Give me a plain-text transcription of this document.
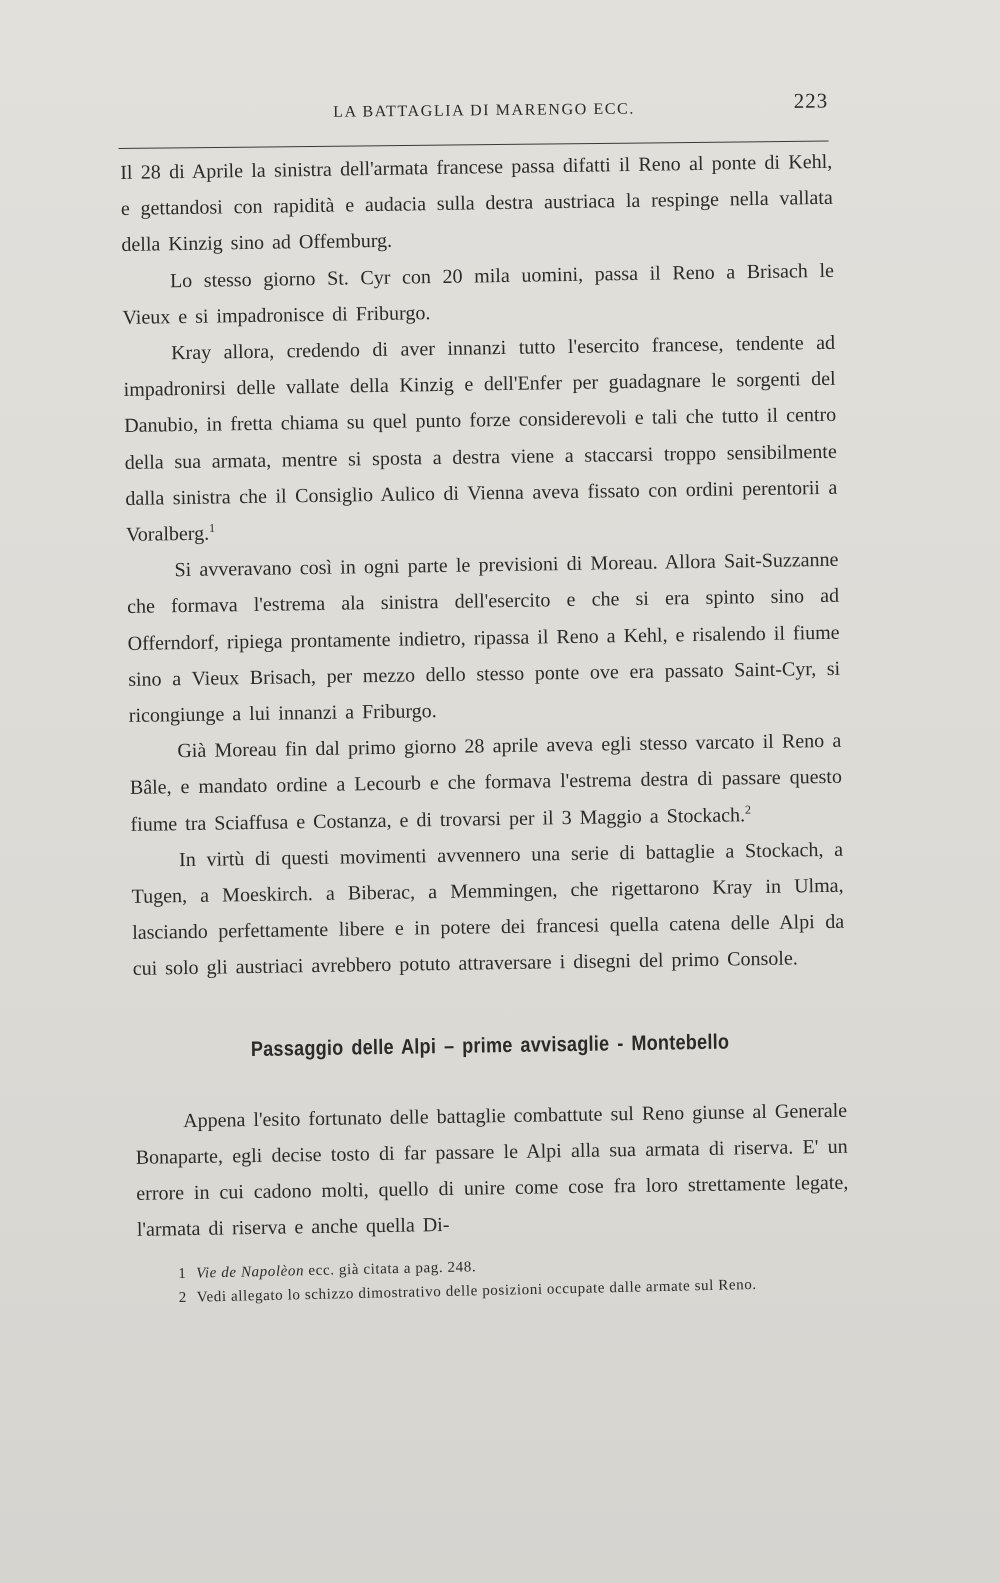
LA BATTAGLIA DI MARENGO ECC.	223

Il 28 di Aprile la sinistra dell'armata francese passa difatti il Reno al ponte di Kehl, e gettandosi con rapidità e audacia sulla destra austriaca la respinge nella vallata della Kinzig sino ad Offemburg.

Lo stesso giorno St. Cyr con 20 mila uomini, passa il Reno a Brisach le Vieux e si impadronisce di Friburgo.

Kray allora, credendo di aver innanzi tutto l'esercito francese, tendente ad impadronirsi delle vallate della Kinzig e dell'Enfer per guadagnare le sorgenti del Danubio, in fretta chiama su quel punto forze considerevoli e tali che tutto il centro della sua armata, mentre si sposta a destra viene a staccarsi troppo sensibilmente dalla sinistra che il Consiglio Aulico di Vienna aveva fissato con ordini perentorii a Voralberg.$^1$

Si avveravano così in ogni parte le previsioni di Moreau. Allora Sait-Suzzanne che formava l'estrema ala sinistra dell'esercito e che si era spinto sino ad Offerndorf, ripiega prontamente indietro, ripassa il Reno a Kehl, e risalendo il fiume sino a Vieux Brisach, per mezzo dello stesso ponte ove era passato Saint-Cyr, si ricongiunge a lui innanzi a Friburgo.

Già Moreau fin dal primo giorno 28 aprile aveva egli stesso varcato il Reno a Bâle, e mandato ordine a Lecourb e che formava l'estrema destra di passare questo fiume tra Sciaffusa e Costanza, e di trovarsi per il 3 Maggio a Stockach.$^2$

In virtù di questi movimenti avvennero una serie di battaglie a Stockach, a Tugen, a Moeskirch. a Biberac, a Memmingen, che rigettarono Kray in Ulma, lasciando perfettamente libere e in potere dei francesi quella catena delle Alpi da cui solo gli austriaci avrebbero potuto attraversare i disegni del primo Console.

Passaggio delle Alpi – prime avvisaglie - Montebello

Appena l'esito fortunato delle battaglie combattute sul Reno giunse al Generale Bonaparte, egli decise tosto di far passare le Alpi alla sua armata di riserva. E' un errore in cui cadono molti, quello di unire come cose fra loro strettamente legate, l'armata di riserva e anche quella Di-

1 Vie de Napolèon ecc. già citata a pag. 248.
2 Vedi allegato lo schizzo dimostrativo delle posizioni occupate dalle armate sul Reno.
